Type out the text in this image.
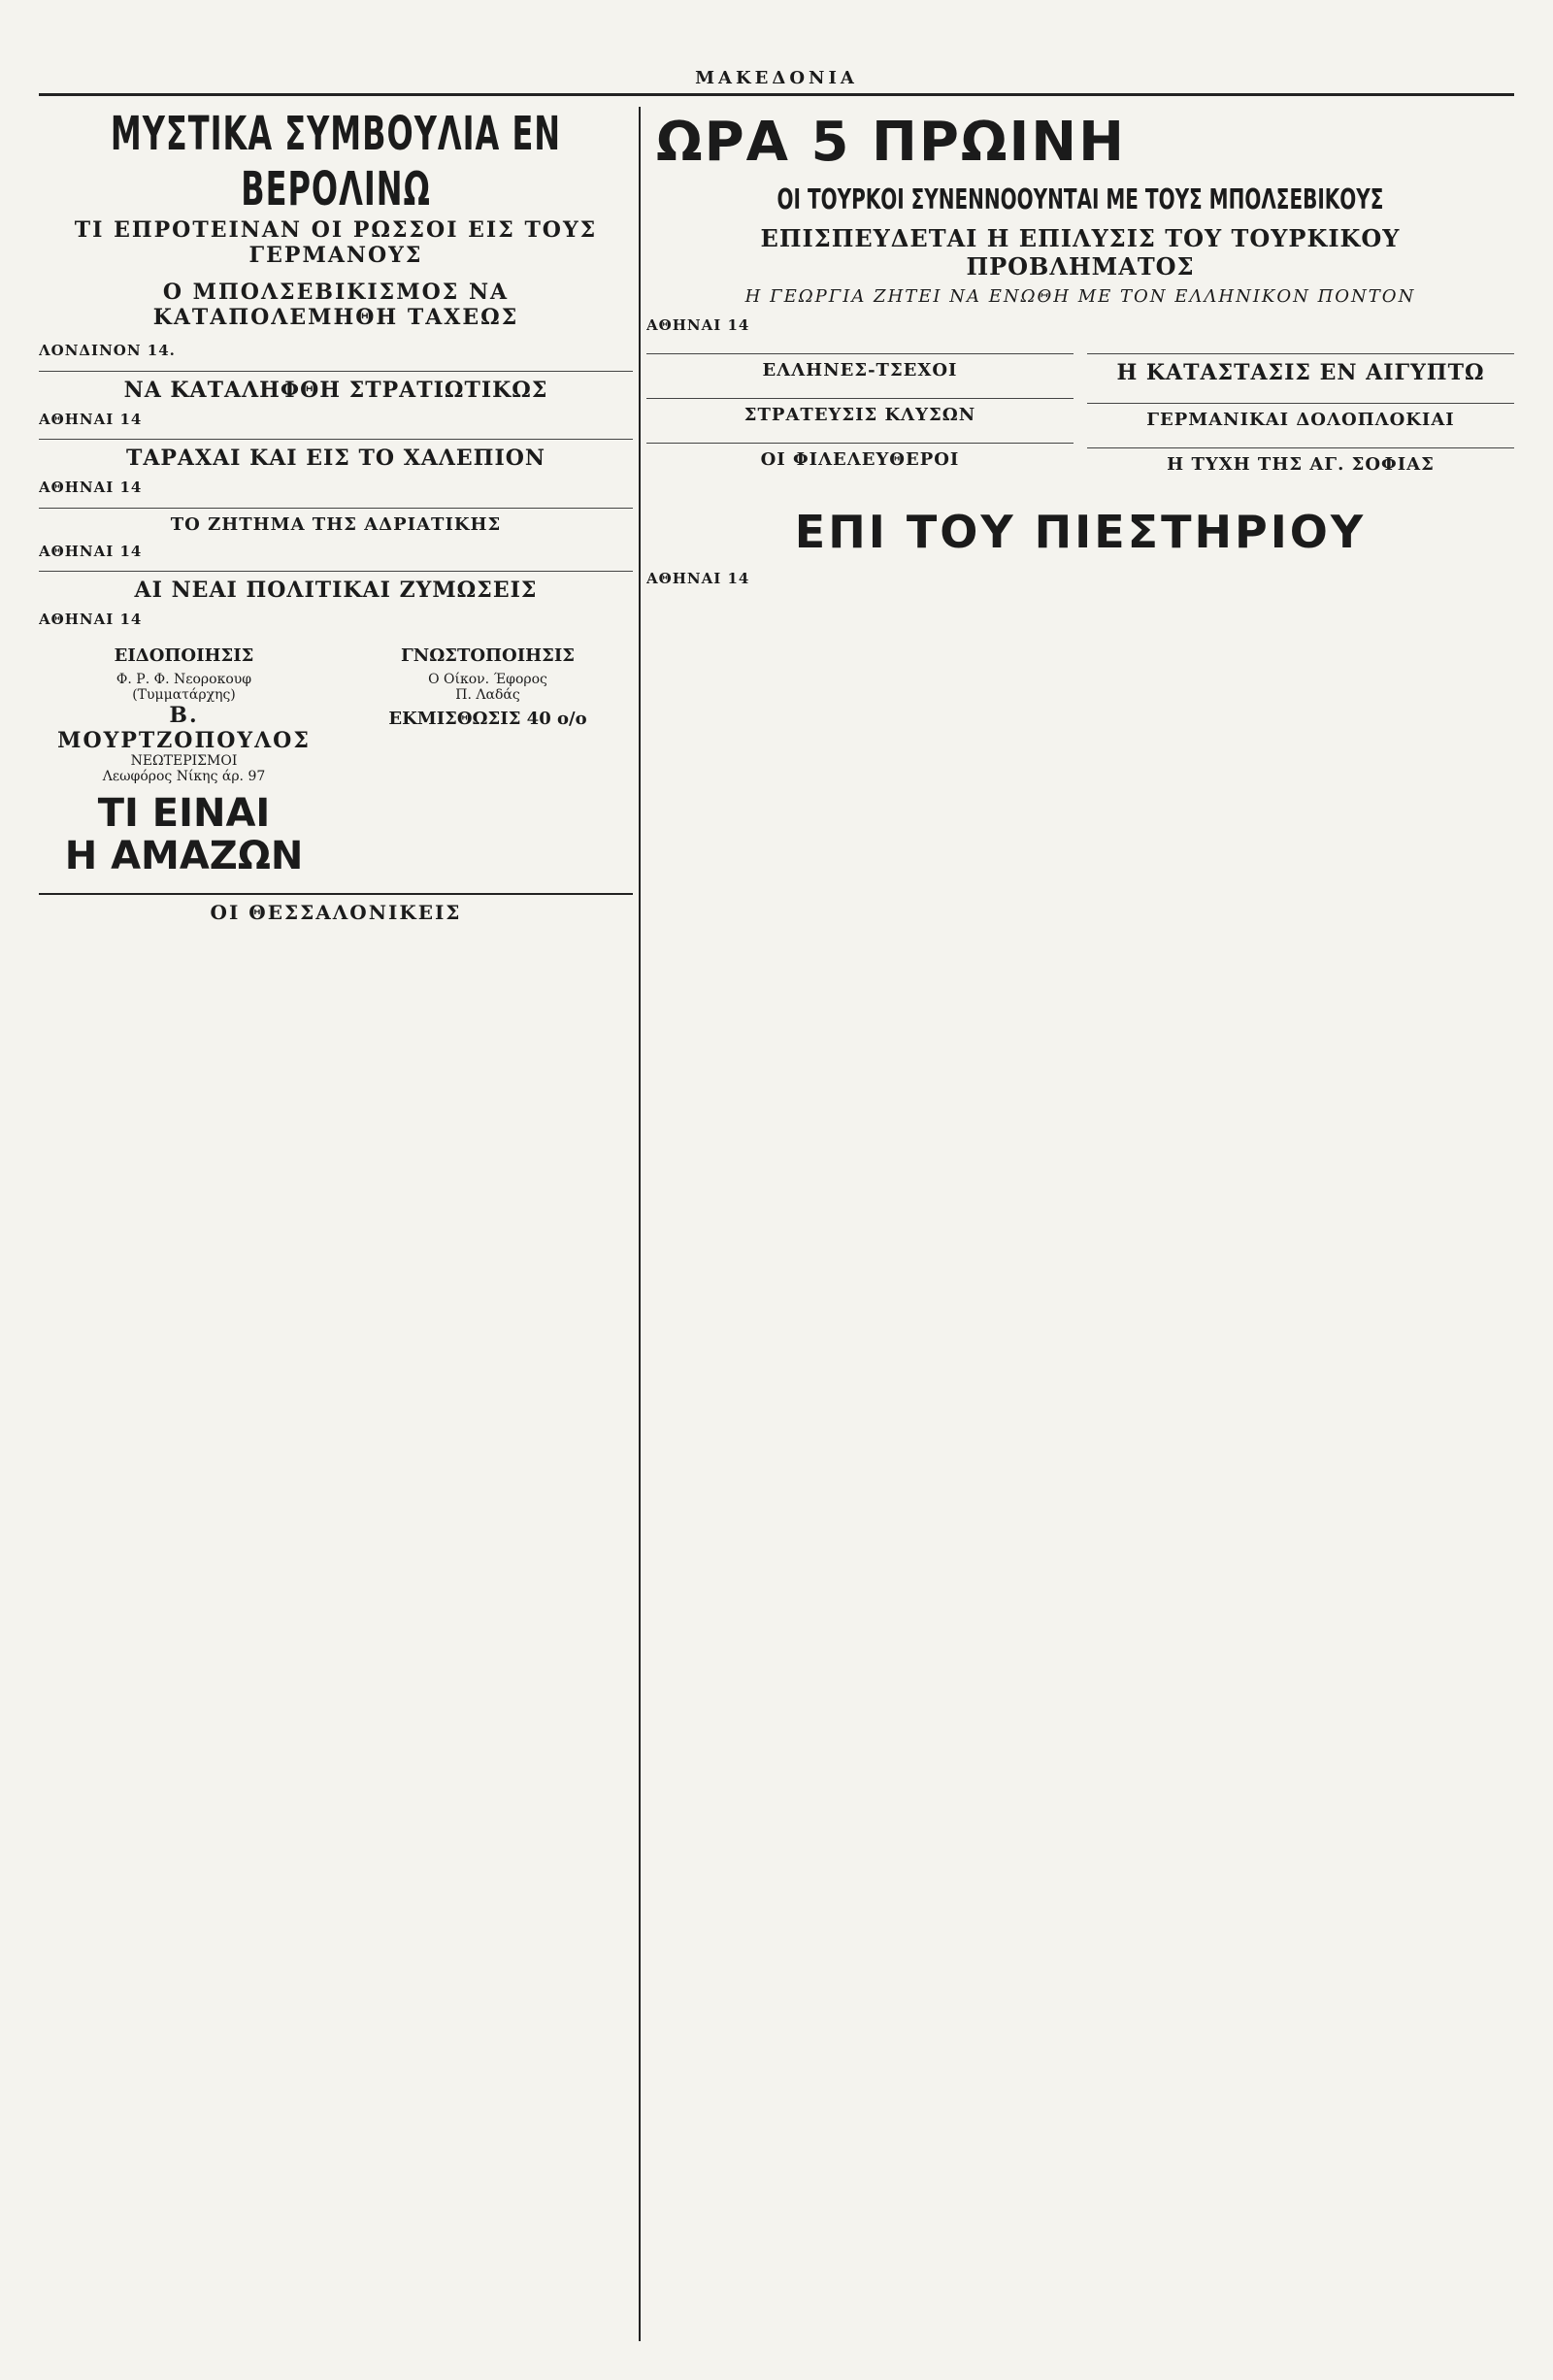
ΜΑΚΕΔΟΝΙΑ
ΜΥΣΤΙΚΑ ΣΥΜΒΟΥΛΙΑ ΕΝ ΒΕΡΟΛΙΝΩ
ΤΙ ΕΠΡΟΤΕΙΝΑΝ ΟΙ ΡΩΣΣΟΙ ΕΙΣ ΤΟΥΣ ΓΕΡΜΑΝΟΥΣ
Ο ΜΠΟΛΣΕΒΙΚΙΣΜΟΣ ΝΑ ΚΑΤΑΠΟΛΕΜΗΘΗ ΤΑΧΕΩΣ
ΛΟΝΔΙΝΟΝ 14.
ΝΑ ΚΑΤΑΛΗΦΘΗ ΣΤΡΑΤΙΩΤΙΚΩΣ
ΑΘΗΝΑΙ 14
ΤΑΡΑΧΑΙ ΚΑΙ ΕΙΣ ΤΟ ΧΑΛΕΠΙΟΝ
ΑΘΗΝΑΙ 14
ΤΟ ΖΗΤΗΜΑ ΤΗΣ ΑΔΡΙΑΤΙΚΗΣ
ΑΘΗΝΑΙ 14
ΑΙ ΝΕΑΙ ΠΟΛΙΤΙΚΑΙ ΖΥΜΩΣΕΙΣ
ΑΘΗΝΑΙ 14
ΕΙΔΟΠΟΙΗΣΙΣ
Φ. Ρ. Φ. Νεοροκουφ
(Τυμματάρχης)
Β. ΜΟΥΡΤΖΟΠΟΥΛΟΣ
ΝΕΩΤΕΡΙΣΜΟΙ
Λεωφόρος Νίκης άρ. 97
ΤΙ ΕΙΝΑΙ
Η ΑΜΑΖΩΝ
ΓΝΩΣΤΟΠΟΙΗΣΙΣ
Ο Οίκον. Έφορος
Π. Λαδάς
ΕΚΜΙΣΘΩΣΙΣ 40 ο/ο
ΟΙ ΘΕΣΣΑΛΟΝΙΚΕΙΣ
ΩΡΑ 5 ΠΡΩΙΝΗ
ΟΙ ΤΟΥΡΚΟΙ ΣΥΝΕΝΝΟΟΥΝΤΑΙ ΜΕ ΤΟΥΣ ΜΠΟΛΣΕΒΙΚΟΥΣ
ΕΠΙΣΠΕΥΔΕΤΑΙ Η ΕΠΙΛΥΣΙΣ ΤΟΥ ΤΟΥΡΚΙΚΟΥ ΠΡΟΒΛΗΜΑΤΟΣ
Η ΓΕΩΡΓΙΑ ΖΗΤΕΙ ΝΑ ΕΝΩΘΗ ΜΕ ΤΟΝ ΕΛΛΗΝΙΚΟΝ ΠΟΝΤΟΝ
ΑΘΗΝΑΙ 14
ΕΛΛΗΝΕΣ-ΤΣΕΧΟΙ
ΣΤΡΑΤΕΥΣΙΣ ΚΛΥΣΩΝ
ΟΙ ΦΙΛΕΛΕΥΘΕΡΟΙ
Η ΚΑΤΑΣΤΑΣΙΣ ΕΝ ΑΙΓΥΠΤΩ
ΓΕΡΜΑΝΙΚΑΙ ΔΟΛΟΠΛΟΚΙΑΙ
Η ΤΥΧΗ ΤΗΣ ΑΓ. ΣΟΦΙΑΣ
ΕΠΙ ΤΟΥ ΠΙΕΣΤΗΡΙΟΥ
ΑΘΗΝΑΙ 14
